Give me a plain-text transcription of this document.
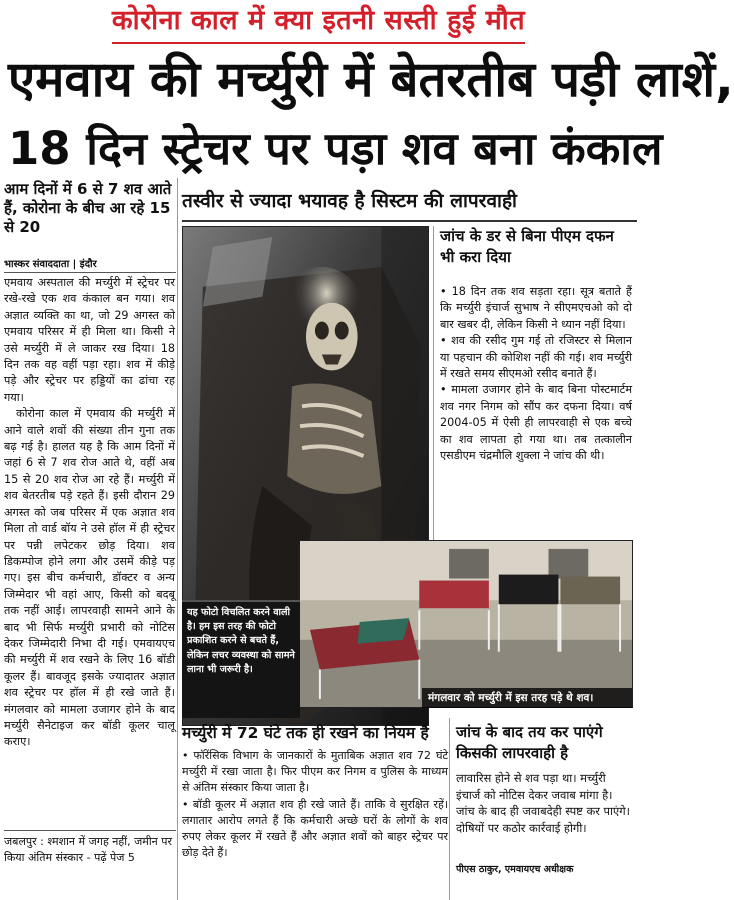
कोरोना काल में क्या इतनी सस्ती हुई मौत
एमवाय की मर्च्युरी में बेतरतीब पड़ी लाशें,
18 दिन स्ट्रेचर पर पड़ा शव बना कंकाल
आम दिनों में 6 से 7 शव आते हैं, कोरोना के बीच आ रहे 15 से 20
भास्कर संवाददाता | इंदौर

एमवाय अस्पताल की मर्च्युरी में स्ट्रेचर पर रखे-रखे एक शव कंकाल बन गया। शव अज्ञात व्यक्ति का था, जो 29 अगस्त को एमवाय परिसर में ही मिला था। किसी ने उसे मर्च्युरी में ले जाकर रख दिया। 18 दिन तक वह वहीं पड़ा रहा। शव में कीड़े पड़े और स्ट्रेचर पर हड्डियों का ढांचा रह गया।

कोरोना काल में एमवाय की मर्च्युरी में आने वाले शवों की संख्या तीन गुना तक बढ़ गई है। हालत यह है कि आम दिनों में जहां 6 से 7 शव रोज आते थे, वहीं अब 15 से 20 शव रोज आ रहे हैं। मर्च्युरी में शव बेतरतीब पड़े रहते हैं। इसी दौरान 29 अगस्त को जब परिसर में एक अज्ञात शव मिला तो वार्ड बॉय ने उसे हॉल में ही स्ट्रेचर पर पन्नी लपेटकर छोड़ दिया। शव डिकम्पोज होने लगा और उसमें कीड़े पड़ गए। इस बीच कर्मचारी, डॉक्टर व अन्य जिम्मेदार भी वहां आए, किसी को बदबू तक नहीं आई। लापरवाही सामने आने के बाद भी सिर्फ मर्च्युरी प्रभारी को नोटिस देकर जिम्मेदारी निभा दी गई। एमवायएच की मर्च्युरी में शव रखने के लिए 16 बॉडी कूलर हैं। बावजूद इसके ज्यादातर अज्ञात शव स्ट्रेचर पर हॉल में ही रखे जाते हैं। मंगलवार को मामला उजागर होने के बाद मर्च्युरी सैनेटाइज कर बॉडी कूलर चालू कराए।

जबलपुर : श्मशान में जगह नहीं, जमीन पर किया अंतिम संस्कार - पढ़ें पेज 5
तस्वीर से ज्यादा भयावह है सिस्टम की लापरवाही
जांच के डर से बिना पीएम दफन भी करा दिया
• 18 दिन तक शव सड़ता रहा। सूत्र बताते हैं कि मर्च्युरी इंचार्ज सुभाष ने सीएमएचओ को दो बार खबर दी, लेकिन किसी ने ध्यान नहीं दिया।
• शव की रसीद गुम गई तो रजिस्टर से मिलान या पहचान की कोशिश नहीं की गई। शव मर्च्युरी में रखते समय सीएमओ रसीद बनाते हैं।
• मामला उजागर होने के बाद बिना पोस्टमार्टम शव नगर निगम को सौंप कर दफना दिया। वर्ष 2004-05 में ऐसी ही लापरवाही से एक बच्चे का शव लापता हो गया था। तब तत्कालीन एसडीएम चंद्रमौलि शुक्ला ने जांच की थी।
यह फोटो विचलित करने वाली है। हम इस तरह की फोटो प्रकाशित करने से बचते हैं, लेकिन लचर व्यवस्था को सामने लाना भी जरूरी है।
मंगलवार को मर्च्युरी में इस तरह पड़े थे शव।
मर्च्युरी में 72 घंटे तक ही रखने का नियम है
• फॉरेंसिक विभाग के जानकारों के मुताबिक अज्ञात शव 72 घंटे मर्च्युरी में रखा जाता है। फिर पीएम कर निगम व पुलिस के माध्यम से अंतिम संस्कार किया जाता है।
• बॉडी कूलर में अज्ञात शव ही रखे जाते हैं। ताकि वे सुरक्षित रहें। लगातार आरोप लगते हैं कि कर्मचारी अच्छे घरों के लोगों के शव रुपए लेकर कूलर में रखते हैं और अज्ञात शवों को बाहर स्ट्रेचर पर छोड़ देते हैं।
जांच के बाद तय कर पाएंगे किसकी लापरवाही है
लावारिस होने से शव पड़ा था। मर्च्युरी इंचार्ज को नोटिस देकर जवाब मांगा है। जांच के बाद ही जवाबदेही स्पष्ट कर पाएंगे। दोषियों पर कठोर कार्रवाई होगी।
पीएस ठाकुर, एमवायएच अधीक्षक
